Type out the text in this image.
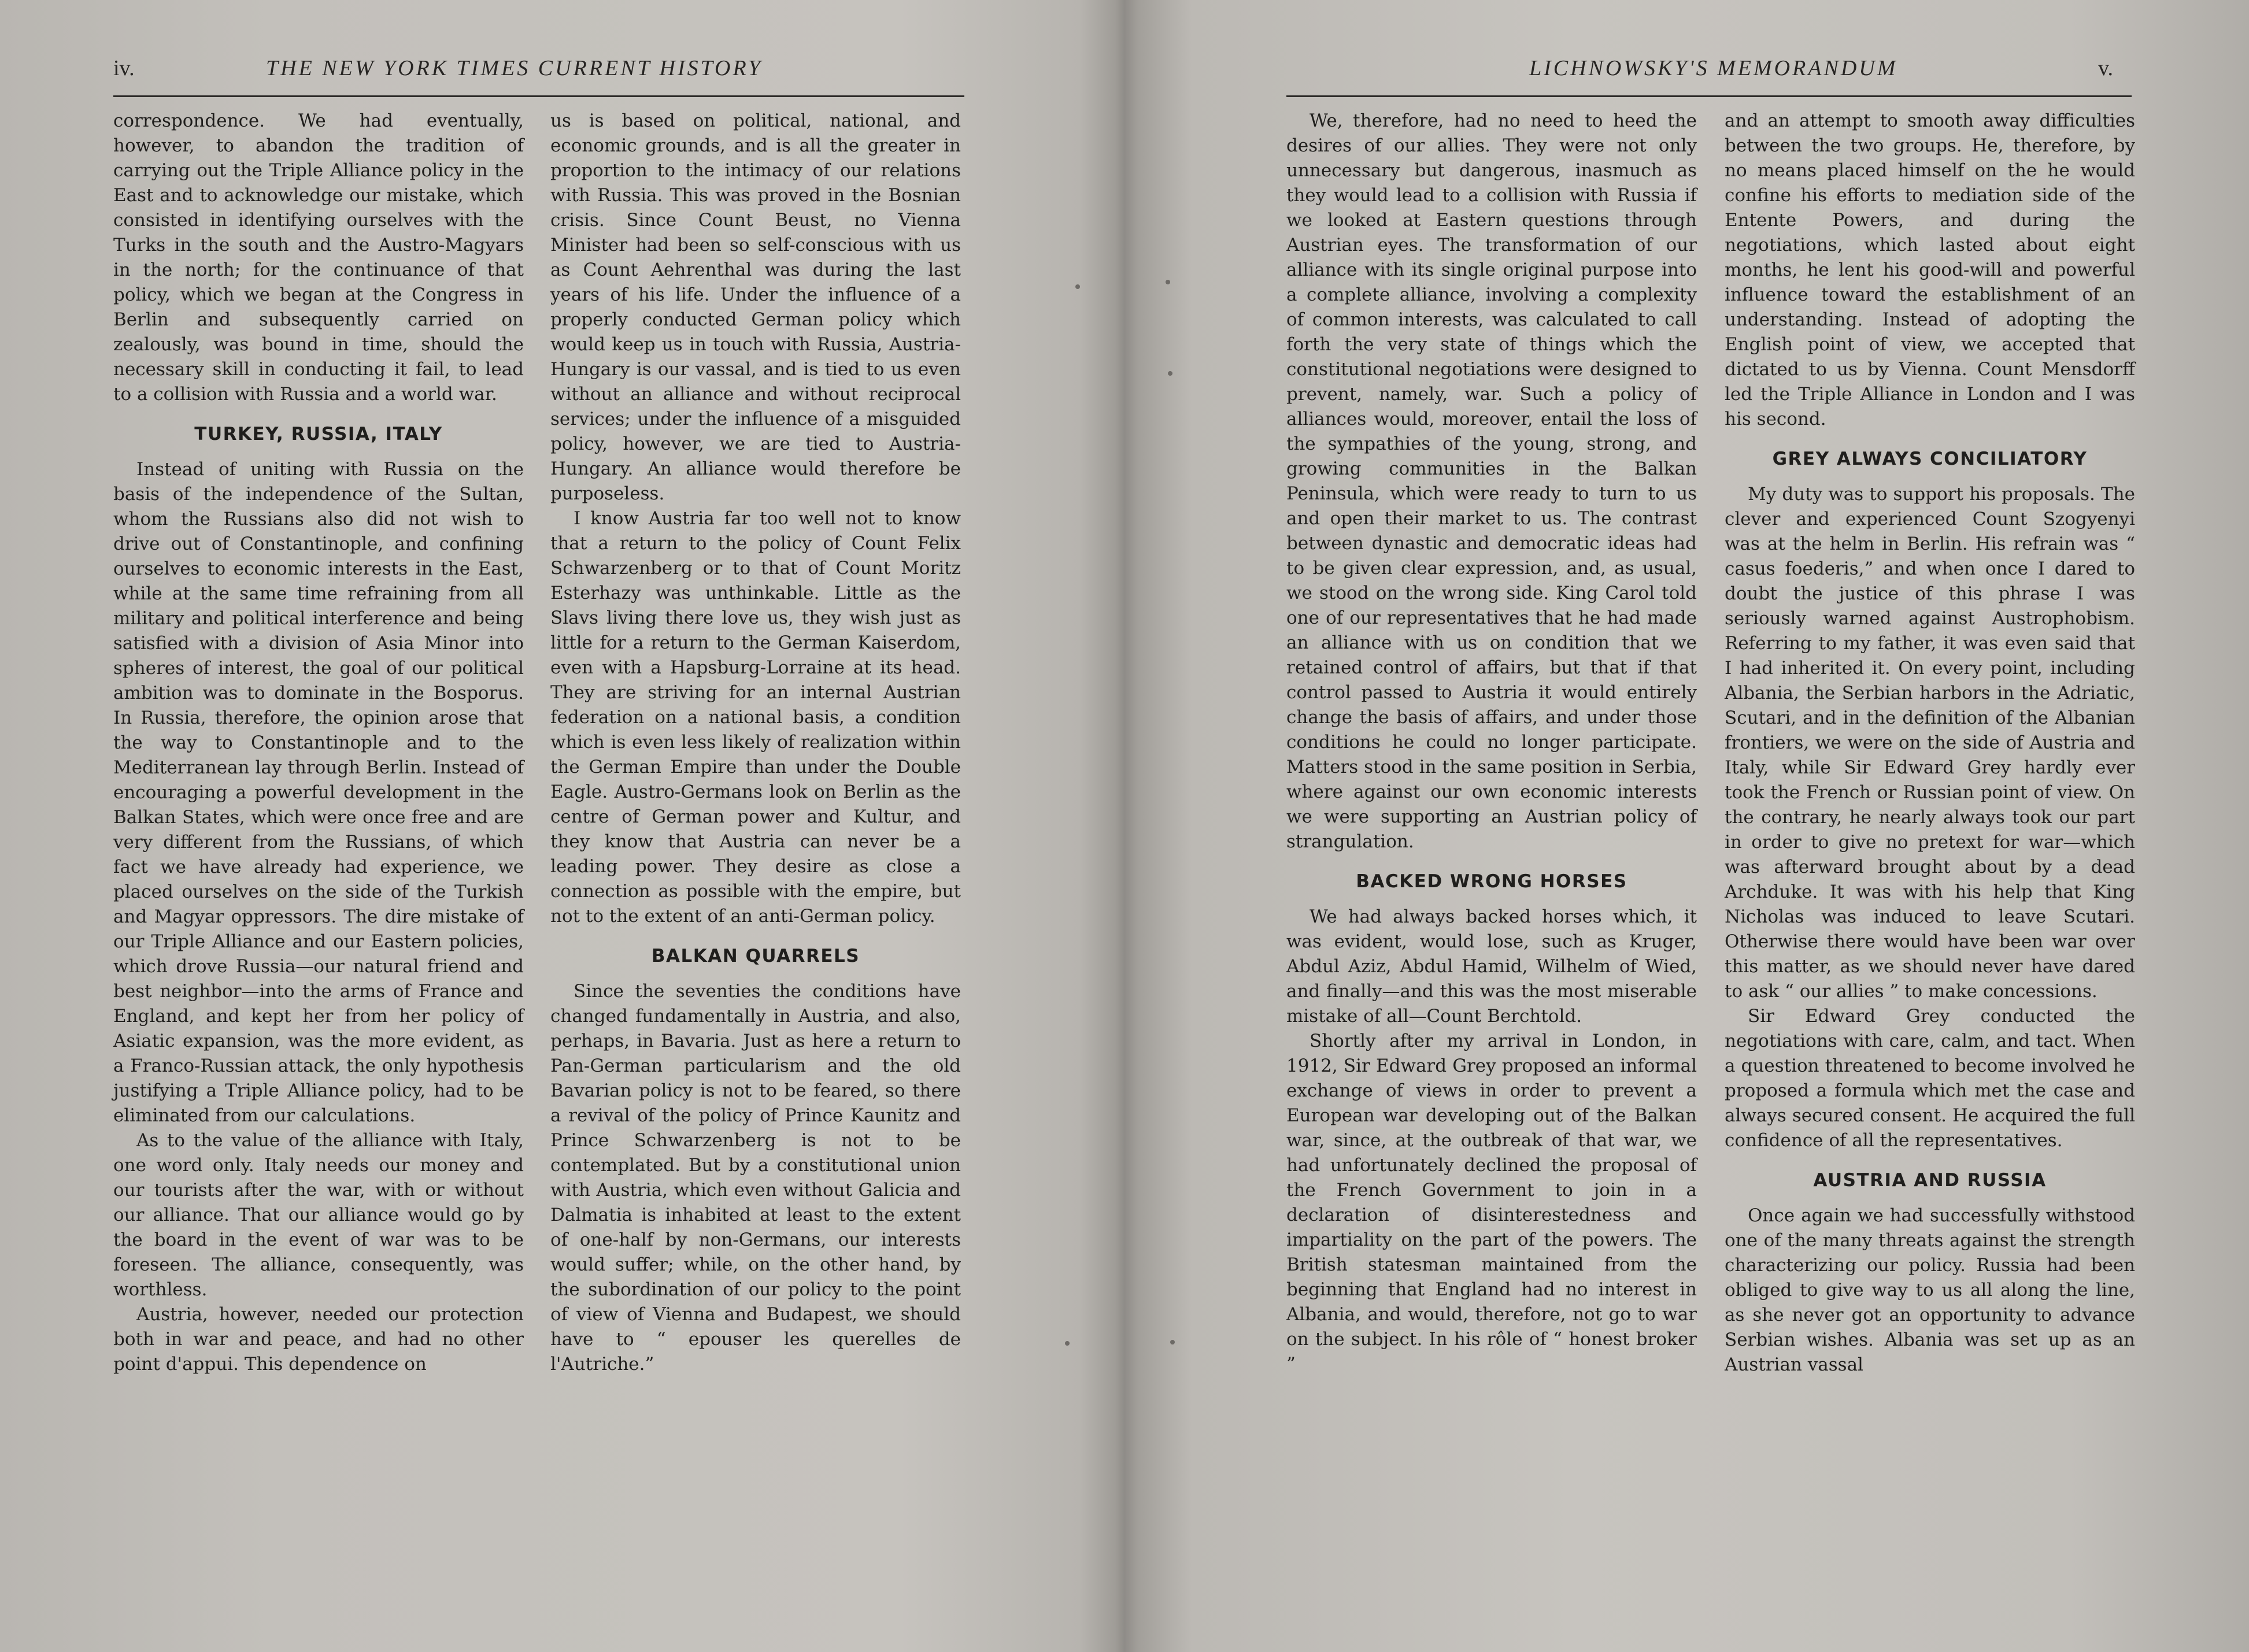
iv.	THE NEW YORK TIMES CURRENT HISTORY

correspondence. We had eventually, however, to abandon the tradition of carrying out the Triple Alliance policy in the East and to acknowledge our mistake, which consisted in identifying ourselves with the Turks in the south and the Austro-Magyars in the north; for the continuance of that policy, which we began at the Congress in Berlin and subsequently carried on zealously, was bound in time, should the necessary skill in conducting it fail, to lead to a collision with Russia and a world war.

TURKEY, RUSSIA, ITALY

Instead of uniting with Russia on the basis of the independence of the Sultan, whom the Russians also did not wish to drive out of Constantinople, and confining ourselves to economic interests in the East, while at the same time refraining from all military and political interference and being satisfied with a division of Asia Minor into spheres of interest, the goal of our political ambition was to dominate in the Bosporus. In Russia, therefore, the opinion arose that the way to Constantinople and to the Mediterranean lay through Berlin. Instead of encouraging a powerful development in the Balkan States, which were once free and are very different from the Russians, of which fact we have already had experience, we placed ourselves on the side of the Turkish and Magyar oppressors. The dire mistake of our Triple Alliance and our Eastern policies, which drove Russia—our natural friend and best neighbor—into the arms of France and England, and kept her from her policy of Asiatic expansion, was the more evident, as a Franco-Russian attack, the only hypothesis justifying a Triple Alliance policy, had to be eliminated from our calculations.

As to the value of the alliance with Italy, one word only. Italy needs our money and our tourists after the war, with or without our alliance. That our alliance would go by the board in the event of war was to be foreseen. The alliance, consequently, was worthless.

Austria, however, needed our protection both in war and peace, and had no other point d'appui. This dependence on

us is based on political, national, and economic grounds, and is all the greater in proportion to the intimacy of our relations with Russia. This was proved in the Bosnian crisis. Since Count Beust, no Vienna Minister had been so self-conscious with us as Count Aehrenthal was during the last years of his life. Under the influence of a properly conducted German policy which would keep us in touch with Russia, Austria-Hungary is our vassal, and is tied to us even without an alliance and without reciprocal services; under the influence of a misguided policy, however, we are tied to Austria-Hungary. An alliance would therefore be purposeless.

I know Austria far too well not to know that a return to the policy of Count Felix Schwarzenberg or to that of Count Moritz Esterhazy was unthinkable. Little as the Slavs living there love us, they wish just as little for a return to the German Kaiserdom, even with a Hapsburg-Lorraine at its head. They are striving for an internal Austrian federation on a national basis, a condition which is even less likely of realization within the German Empire than under the Double Eagle. Austro-Germans look on Berlin as the centre of German power and Kultur, and they know that Austria can never be a leading power. They desire as close a connection as possible with the empire, but not to the extent of an anti-German policy.

BALKAN QUARRELS

Since the seventies the conditions have changed fundamentally in Austria, and also, perhaps, in Bavaria. Just as here a return to Pan-German particularism and the old Bavarian policy is not to be feared, so there a revival of the policy of Prince Kaunitz and Prince Schwarzenberg is not to be contemplated. But by a constitutional union with Austria, which even without Galicia and Dalmatia is inhabited at least to the extent of one-half by non-Germans, our interests would suffer; while, on the other hand, by the subordination of our policy to the point of view of Vienna and Budapest, we should have to “ epouser les querelles de l'Autriche.”

LICHNOWSKY'S MEMORANDUM	v.

We, therefore, had no need to heed the desires of our allies. They were not only unnecessary but dangerous, inasmuch as they would lead to a collision with Russia if we looked at Eastern questions through Austrian eyes. The transformation of our alliance with its single original purpose into a complete alliance, involving a complexity of common interests, was calculated to call forth the very state of things which the constitutional negotiations were designed to prevent, namely, war. Such a policy of alliances would, moreover, entail the loss of the sympathies of the young, strong, and growing communities in the Balkan Peninsula, which were ready to turn to us and open their market to us. The contrast between dynastic and democratic ideas had to be given clear expression, and, as usual, we stood on the wrong side. King Carol told one of our representatives that he had made an alliance with us on condition that we retained control of affairs, but that if that control passed to Austria it would entirely change the basis of affairs, and under those conditions he could no longer participate. Matters stood in the same position in Serbia, where against our own economic interests we were supporting an Austrian policy of strangulation.

BACKED WRONG HORSES

We had always backed horses which, it was evident, would lose, such as Kruger, Abdul Aziz, Abdul Hamid, Wilhelm of Wied, and finally—and this was the most miserable mistake of all—Count Berchtold.

Shortly after my arrival in London, in 1912, Sir Edward Grey proposed an informal exchange of views in order to prevent a European war developing out of the Balkan war, since, at the outbreak of that war, we had unfortunately declined the proposal of the French Government to join in a declaration of disinterestedness and impartiality on the part of the powers. The British statesman maintained from the beginning that England had no interest in Albania, and would, therefore, not go to war on the subject. In his rôle of “ honest broker ”

and an attempt to smooth away difficulties between the two groups. He, therefore, by no means placed himself on the he would confine his efforts to mediation side of the Entente Powers, and during the negotiations, which lasted about eight months, he lent his good-will and powerful influence toward the establishment of an understanding. Instead of adopting the English point of view, we accepted that dictated to us by Vienna. Count Mensdorff led the Triple Alliance in London and I was his second.

GREY ALWAYS CONCILIATORY

My duty was to support his proposals. The clever and experienced Count Szogyenyi was at the helm in Berlin. His refrain was “ casus foederis,” and when once I dared to doubt the justice of this phrase I was seriously warned against Austrophobism. Referring to my father, it was even said that I had inherited it. On every point, including Albania, the Serbian harbors in the Adriatic, Scutari, and in the definition of the Albanian frontiers, we were on the side of Austria and Italy, while Sir Edward Grey hardly ever took the French or Russian point of view. On the contrary, he nearly always took our part in order to give no pretext for war—which was afterward brought about by a dead Archduke. It was with his help that King Nicholas was induced to leave Scutari. Otherwise there would have been war over this matter, as we should never have dared to ask “ our allies ” to make concessions.

Sir Edward Grey conducted the negotiations with care, calm, and tact. When a question threatened to become involved he proposed a formula which met the case and always secured consent. He acquired the full confidence of all the representatives.

AUSTRIA AND RUSSIA

Once again we had successfully withstood one of the many threats against the strength characterizing our policy. Russia had been obliged to give way to us all along the line, as she never got an opportunity to advance Serbian wishes. Albania was set up as an Austrian vassal
